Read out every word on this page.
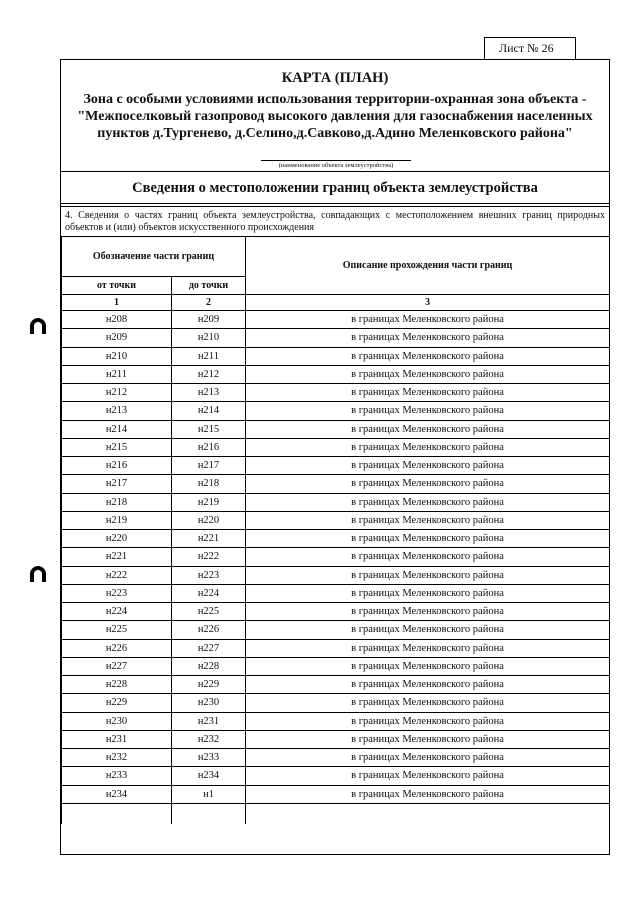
Лист № 26
КАРТА (ПЛАН)
Зона с особыми условиями использования территории-охранная зона объекта -"Межпоселковый газопровод высокого давления для газоснабжения населенных пунктов д.Тургенево, д.Селино,д.Савково,д.Адино Меленковского района"
(наименование объекта землеустройства)
Сведения о местоположении границ объекта землеустройства
4. Сведения о частях границ объекта землеустройства, совпадающих с местоположением внешних границ природных объектов и (или) объектов искусственного происхождения
Обозначение части границ		Описание прохождения части границ
от точки	до точки	
1	2	3
н208	н209	в границах Меленковского района
н209	н210	в границах Меленковского района
н210	н211	в границах Меленковского района
н211	н212	в границах Меленковского района
н212	н213	в границах Меленковского района
н213	н214	в границах Меленковского района
н214	н215	в границах Меленковского района
н215	н216	в границах Меленковского района
н216	н217	в границах Меленковского района
н217	н218	в границах Меленковского района
н218	н219	в границах Меленковского района
н219	н220	в границах Меленковского района
н220	н221	в границах Меленковского района
н221	н222	в границах Меленковского района
н222	н223	в границах Меленковского района
н223	н224	в границах Меленковского района
н224	н225	в границах Меленковского района
н225	н226	в границах Меленковского района
н226	н227	в границах Меленковского района
н227	н228	в границах Меленковского района
н228	н229	в границах Меленковского района
н229	н230	в границах Меленковского района
н230	н231	в границах Меленковского района
н231	н232	в границах Меленковского района
н232	н233	в границах Меленковского района
н233	н234	в границах Меленковского района
н234	н1	в границах Меленковского района
